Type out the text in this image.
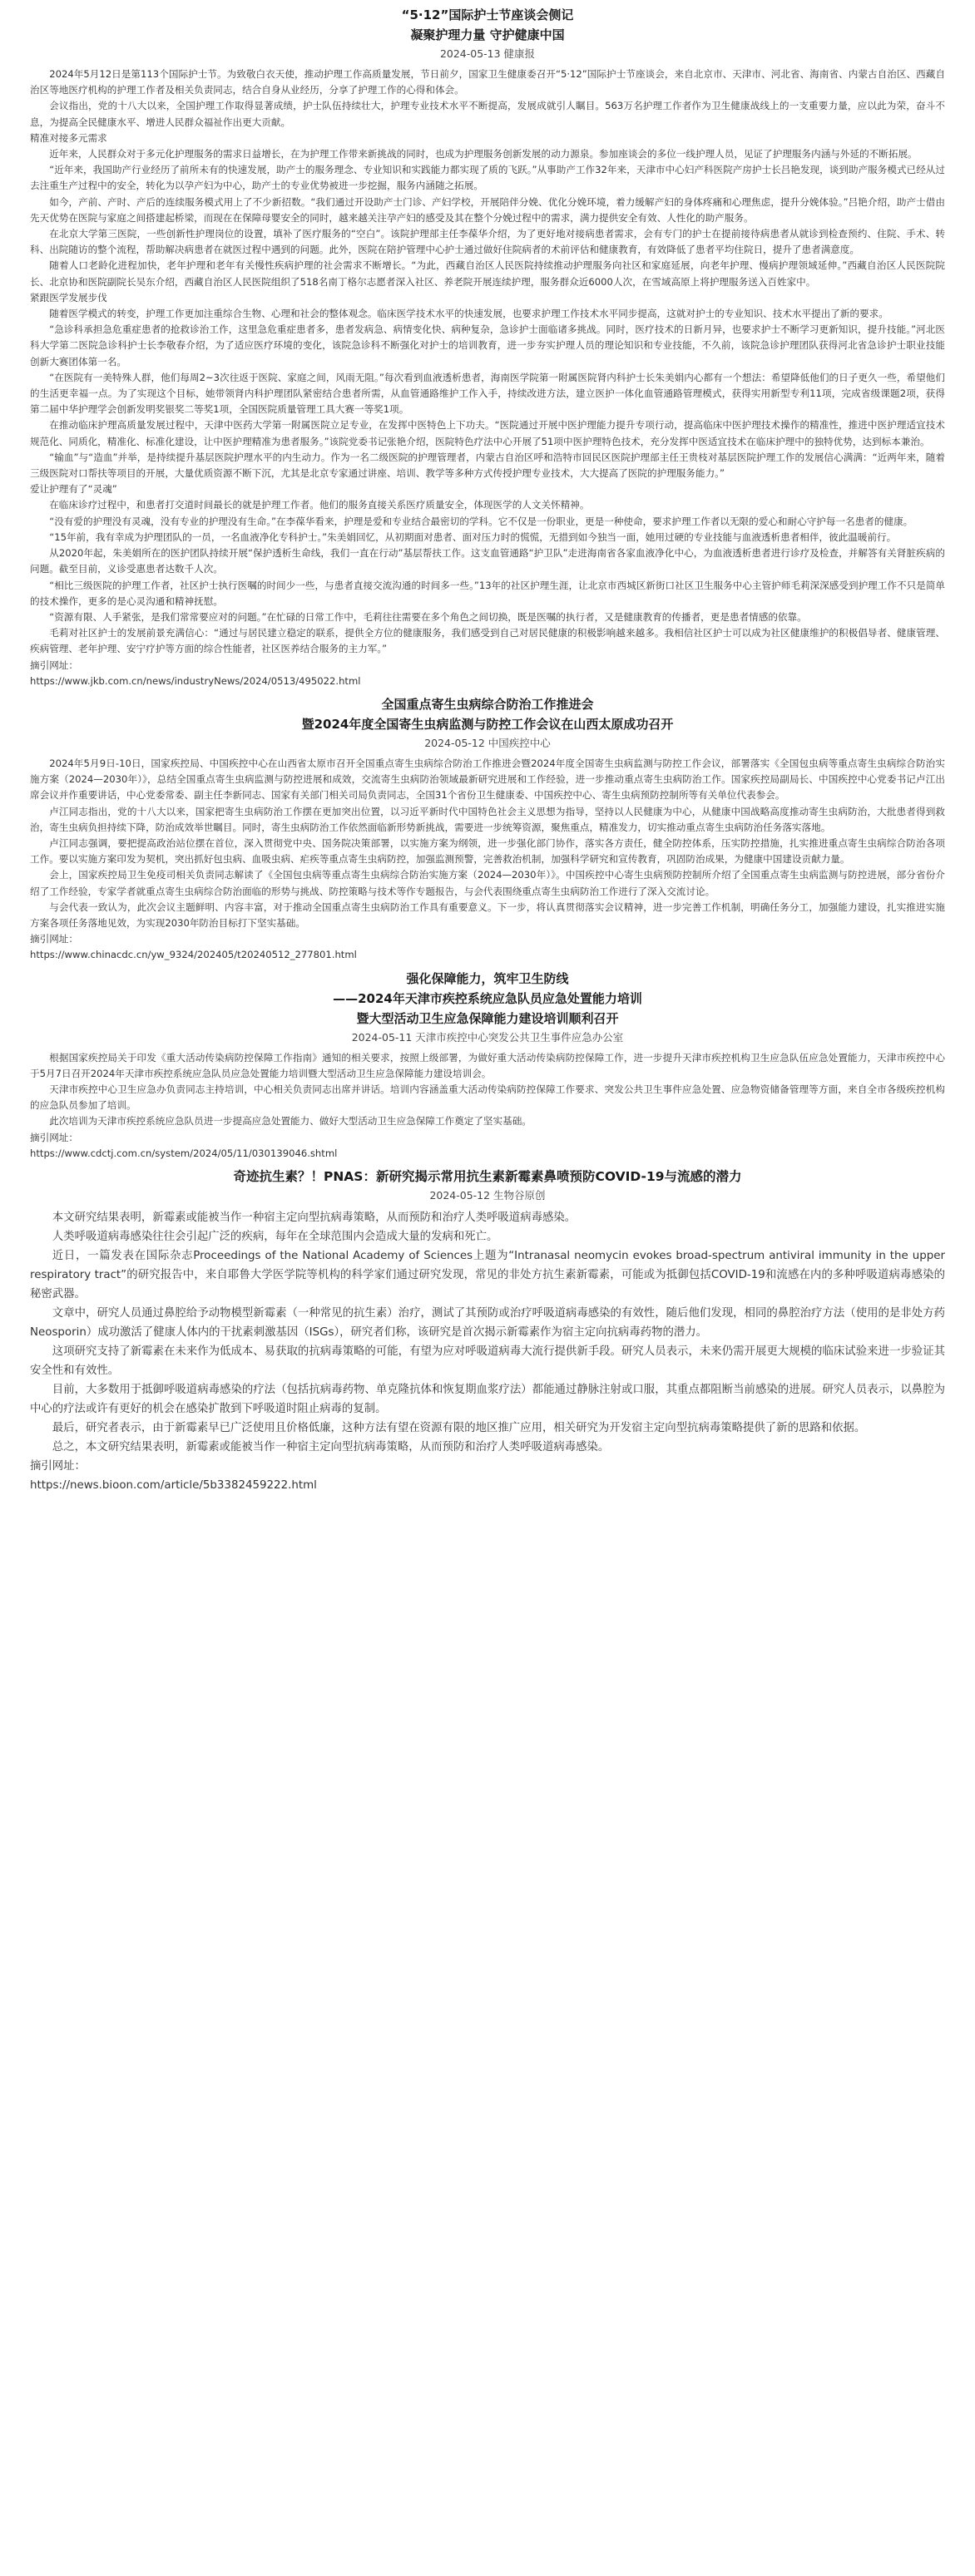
“5·12”国际护士节座谈会侧记
凝聚护理力量 守护健康中国
2024-05-13 健康报

2024年5月12日是第113个国际护士节。为致敬白衣天使，推动护理工作高质量发展，节日前夕，国家卫生健康委召开“5·12”国际护士节座谈会，来自北京市、天津市、河北省、海南省、内蒙古自治区、西藏自治区等地医疗机构的护理工作者及相关负责同志，结合自身从业经历，分享了护理工作的心得和体会。

会议指出，党的十八大以来，全国护理工作取得显著成绩，护士队伍持续壮大，护理专业技术水平不断提高，发展成就引人瞩目。563万名护理工作者作为卫生健康战线上的一支重要力量，应以此为荣，奋斗不息，为提高全民健康水平、增进人民群众福祉作出更大贡献。

精准对接多元需求

近年来，人民群众对于多元化护理服务的需求日益增长，在为护理工作带来新挑战的同时，也成为护理服务创新发展的动力源泉。参加座谈会的多位一线护理人员，见证了护理服务内涵与外延的不断拓展。

“近年来，我国助产行业经历了前所未有的快速发展，助产士的服务理念、专业知识和实践能力都实现了质的飞跃。”从事助产工作32年来，天津市中心妇产科医院产房护士长吕艳发现，谈到助产服务模式已经从过去注重生产过程中的安全，转化为以孕产妇为中心，助产士的专业优势被进一步挖掘，服务内涵随之拓展。

如今，产前、产时、产后的连续服务模式用上了不少新招数。“我们通过开设助产士门诊、产妇学校，开展陪伴分娩、优化分娩环境，着力缓解产妇的身体疼痛和心理焦虑，提升分娩体验。”吕艳介绍，助产士借由先天优势在医院与家庭之间搭建起桥梁，而现在在保障母婴安全的同时，越来越关注孕产妇的感受及其在整个分娩过程中的需求，满力提供安全有效、人性化的助产服务。

在北京大学第三医院，一些创新性护理岗位的设置，填补了医疗服务的“空白”。该院护理部主任李葆华介绍，为了更好地对接病患者需求，会有专门的护士在提前接待病患者从就诊到检查预约、住院、手术、转科、出院随访的整个流程，帮助解决病患者在就医过程中遇到的问题。此外，医院在陪护管理中心护士通过做好住院病者的术前评估和健康教育，有效降低了患者平均住院日，提升了患者满意度。

随着人口老龄化进程加快，老年护理和老年有关慢性疾病护理的社会需求不断增长。“为此，西藏自治区人民医院持续推动护理服务向社区和家庭延展，向老年护理、慢病护理领域延伸。”西藏自治区人民医院院长、北京协和医院副院长吴东介绍，西藏自治区人民医院组织了518名南丁格尔志愿者深入社区、养老院开展连续护理，服务群众近6000人次，在雪域高原上将护理服务送入百姓家中。

紧跟医学发展步伐

随着医学模式的转变，护理工作更加注重综合生物、心理和社会的整体观念。临床医学技术水平的快速发展，也要求护理工作技术水平同步提高，这就对护士的专业知识、技术水平提出了新的要求。

“急诊科承担急危重症患者的抢救诊治工作，这里急危重症患者多，患者发病急、病情变化快、病种复杂，急诊护士面临诸多挑战。同时，医疗技术的日新月异，也要求护士不断学习更新知识，提升技能。”河北医科大学第二医院急诊科护士长李敬春介绍，为了适应医疗环境的变化，该院急诊科不断强化对护士的培训教育，进一步夯实护理人员的理论知识和专业技能，不久前，该院急诊护理团队获得河北省急诊护士职业技能创新大赛团体第一名。

“在医院有一美特殊人群，他们每周2~3次往返于医院、家庭之间，风雨无阻。”每次看到血液透析患者，海南医学院第一附属医院肾内科护士长朱美娟内心都有一个想法：希望降低他们的日子更久一些，希望他们的生活更幸福一点。为了实现这个目标，她带领肾内科护理团队紧密结合患者所需，从血管通路维护工作入手，持续改进方法，建立医护一体化血管通路管理模式，获得实用新型专利11项，完成省级课题2项，获得第二届中华护理学会创新发明奖银奖二等奖1项，全国医院质量管理工具大赛一等奖1项。

在推动临床护理高质量发展过程中，天津中医药大学第一附属医院立足专业，在发挥中医特色上下功夫。“医院通过开展中医护理能力提升专项行动，提高临床中医护理技术操作的精准性，推进中医护理适宜技术规范化、同质化，精准化、标准化建设，让中医护理精准为患者服务。”该院党委书记张艳介绍，医院特色疗法中心开展了51项中医护理特色技术，充分发挥中医适宜技术在临床护理中的独特优势，达到标本兼治。

“输血”与“造血”并举，是持续提升基层医院护理水平的内生动力。作为一名二级医院的护理管理者，内蒙古自治区呼和浩特市回民区医院护理部主任王贵枝对基层医院护理工作的发展信心满满：“近两年来，随着三级医院对口帮扶等项目的开展，大量优质资源不断下沉，尤其是北京专家通过讲座、培训、教学等多种方式传授护理专业技术，大大提高了医院的护理服务能力。”

爱让护理有了“灵魂”

在临床诊疗过程中，和患者打交道时间最长的就是护理工作者。他们的服务直接关系医疗质量安全，体现医学的人文关怀精神。

“没有爱的护理没有灵魂，没有专业的护理没有生命。”在李葆华看来，护理是爱和专业结合最密切的学科。它不仅是一份职业，更是一种使命，要求护理工作者以无限的爱心和耐心守护每一名患者的健康。

“15年前，我有幸成为护理团队的一员，一名血液净化专科护士。”朱美娟回忆，从初期面对患者、面对压力时的慌慌，无措到如今独当一面，她用过硬的专业技能与血液透析患者相伴，彼此温暖前行。

从2020年起，朱美娟所在的医护团队持续开展“保护透析生命线，我们一直在行动”基层帮扶工作。这支血管通路“护卫队”走进海南省各家血液净化中心，为血液透析患者进行诊疗及检查，并解答有关肾脏疾病的问题。截至目前，义诊受惠患者达数千人次。

“相比三级医院的护理工作者，社区护士执行医嘱的时间少一些，与患者直接交流沟通的时间多一些。”13年的社区护理生涯，让北京市西城区新街口社区卫生服务中心主管护师毛莉深深感受到护理工作不只是简单的技术操作，更多的是心灵沟通和精神抚慰。

“资源有限、人手紧张，是我们常常要应对的问题。”在忙碌的日常工作中，毛莉往往需要在多个角色之间切换，既是医嘱的执行者，又是健康教育的传播者，更是患者情感的依靠。

毛莉对社区护士的发展前景充满信心：“通过与居民建立稳定的联系，提供全方位的健康服务，我们感受到自己对居民健康的积极影响越来越多。我相信社区护士可以成为社区健康维护的积极倡导者、健康管理、疾病管理、老年护理、安宁疗护等方面的综合性能者，社区医养结合服务的主力军。”

摘引网址：
https://www.jkb.com.cn/news/industryNews/2024/0513/495022.html

全国重点寄生虫病综合防治工作推进会
暨2024年度全国寄生虫病监测与防控工作会议在山西太原成功召开
2024-05-12 中国疾控中心

2024年5月9日-10日，国家疾控局、中国疾控中心在山西省太原市召开全国重点寄生虫病综合防治工作推进会暨2024年度全国寄生虫病监测与防控工作会议，部署落实《全国包虫病等重点寄生虫病综合防治实施方案（2024—2030年）》，总结全国重点寄生虫病监测与防控进展和成效，交流寄生虫病防治领域最新研究进展和工作经验，进一步推动重点寄生虫病防治工作。国家疾控局副局长、中国疾控中心党委书记卢江出席会议并作重要讲话，中心党委常委、副主任李新同志、国家有关部门相关司局负责同志，全国31个省份卫生健康委、中国疾控中心、寄生虫病预防控制所等有关单位代表参会。

卢江同志指出，党的十八大以来，国家把寄生虫病防治工作摆在更加突出位置，以习近平新时代中国特色社会主义思想为指导，坚持以人民健康为中心，从健康中国战略高度推动寄生虫病防治，大批患者得到救治，寄生虫病负担持续下降，防治成效举世瞩目。同时，寄生虫病防治工作依然面临新形势新挑战，需要进一步统筹资源，聚焦重点，精准发力，切实推动重点寄生虫病防治任务落实落地。

卢江同志强调，要把提高政治站位摆在首位，深入贯彻党中央、国务院决策部署，以实施方案为纲领，进一步强化部门协作，落实各方责任，健全防控体系，压实防控措施，扎实推进重点寄生虫病综合防治各项工作。要以实施方案印发为契机，突出抓好包虫病、血吸虫病、疟疾等重点寄生虫病防控，加强监测预警，完善救治机制，加强科学研究和宣传教育，巩固防治成果，为健康中国建设贡献力量。

会上，国家疾控局卫生免疫司相关负责同志解读了《全国包虫病等重点寄生虫病综合防治实施方案（2024—2030年）》。中国疾控中心寄生虫病预防控制所介绍了全国重点寄生虫病监测与防控进展，部分省份介绍了工作经验，专家学者就重点寄生虫病综合防治面临的形势与挑战、防控策略与技术等作专题报告，与会代表围绕重点寄生虫病防治工作进行了深入交流讨论。

与会代表一致认为，此次会议主题鲜明、内容丰富，对于推动全国重点寄生虫病防治工作具有重要意义。下一步，将认真贯彻落实会议精神，进一步完善工作机制，明确任务分工，加强能力建设，扎实推进实施方案各项任务落地见效，为实现2030年防治目标打下坚实基础。

摘引网址：
https://www.chinacdc.cn/yw_9324/202405/t20240512_277801.html

强化保障能力，筑牢卫生防线
——2024年天津市疾控系统应急队员应急处置能力培训
暨大型活动卫生应急保障能力建设培训顺利召开
2024-05-11 天津市疾控中心突发公共卫生事件应急办公室

根据国家疾控局关于印发《重大活动传染病防控保障工作指南》通知的相关要求，按照上级部署，为做好重大活动传染病防控保障工作，进一步提升天津市疾控机构卫生应急队伍应急处置能力，天津市疾控中心于5月7日召开2024年天津市疾控系统应急队员应急处置能力培训暨大型活动卫生应急保障能力建设培训会。

天津市疾控中心卫生应急办负责同志主持培训，中心相关负责同志出席并讲话。培训内容涵盖重大活动传染病防控保障工作要求、突发公共卫生事件应急处置、应急物资储备管理等方面，来自全市各级疾控机构的应急队员参加了培训。

此次培训为天津市疾控系统应急队员进一步提高应急处置能力、做好大型活动卫生应急保障工作奠定了坚实基础。

摘引网址：
https://www.cdctj.com.cn/system/2024/05/11/030139046.shtml

奇迹抗生素？！PNAS：新研究揭示常用抗生素新霉素鼻喷预防COVID-19与流感的潜力
2024-05-12 生物谷原创

本文研究结果表明，新霉素或能被当作一种宿主定向型抗病毒策略，从而预防和治疗人类呼吸道病毒感染。

人类呼吸道病毒感染往往会引起广泛的疾病，每年在全球范围内会造成大量的发病和死亡。

近日，一篇发表在国际杂志Proceedings of the National Academy of Sciences上题为“Intranasal neomycin evokes broad-spectrum antiviral immunity in the upper respiratory tract”的研究报告中，来自耶鲁大学医学院等机构的科学家们通过研究发现，常见的非处方抗生素新霉素，可能或为抵御包括COVID-19和流感在内的多种呼吸道病毒感染的秘密武器。

文章中，研究人员通过鼻腔给予动物模型新霉素（一种常见的抗生素）治疗，测试了其预防或治疗呼吸道病毒感染的有效性，随后他们发现，相同的鼻腔治疗方法（使用的是非处方药Neosporin）成功激活了健康人体内的干扰素刺激基因（ISGs），研究者们称，该研究是首次揭示新霉素作为宿主定向抗病毒药物的潜力。

这项研究支持了新霉素在未来作为低成本、易获取的抗病毒策略的可能，有望为应对呼吸道病毒大流行提供新手段。研究人员表示，未来仍需开展更大规模的临床试验来进一步验证其安全性和有效性。

目前，大多数用于抵御呼吸道病毒感染的疗法（包括抗病毒药物、单克隆抗体和恢复期血浆疗法）都能通过静脉注射或口服，其重点都阻断当前感染的进展。研究人员表示，以鼻腔为中心的疗法或许有更好的机会在感染扩散到下呼吸道时阻止病毒的复制。

最后，研究者表示，由于新霉素早已广泛使用且价格低廉，这种方法有望在资源有限的地区推广应用，相关研究为开发宿主定向型抗病毒策略提供了新的思路和依据。

总之，本文研究结果表明，新霉素或能被当作一种宿主定向型抗病毒策略，从而预防和治疗人类呼吸道病毒感染。

摘引网址：
https://news.bioon.com/article/5b3382459222.html
